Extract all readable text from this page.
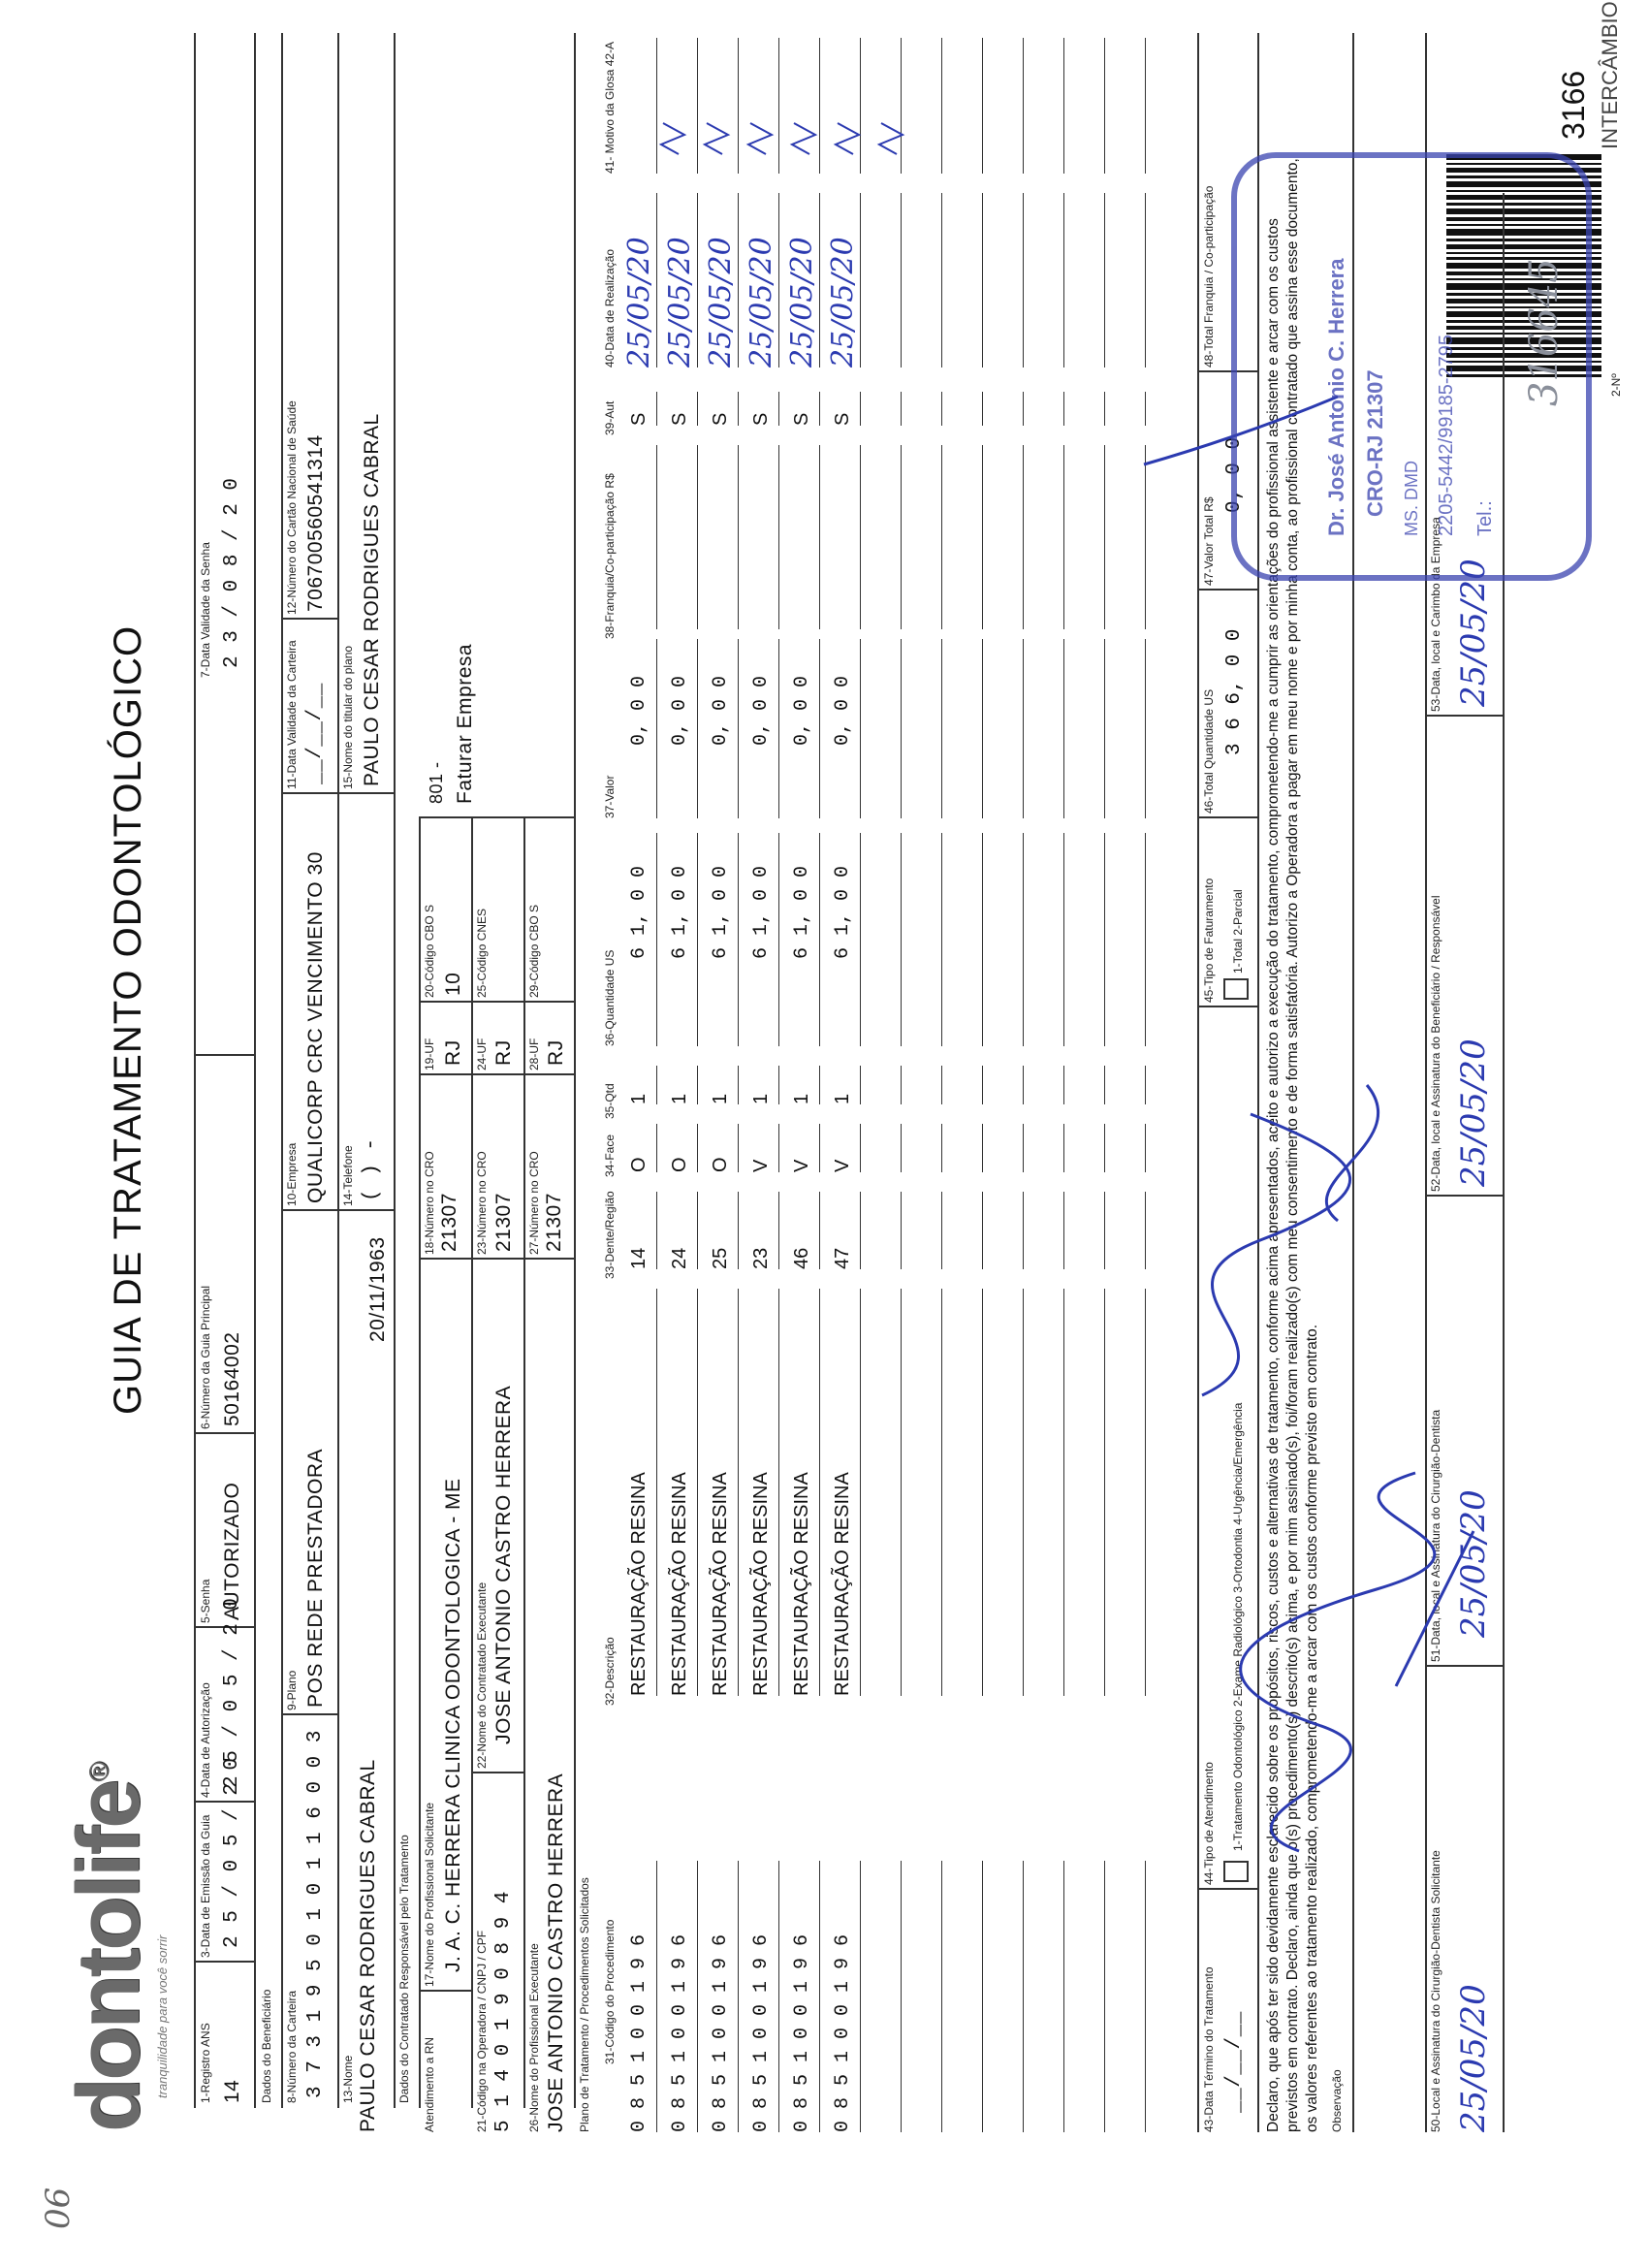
dontolife®
tranquilidade para você sorrir
06
GUIA DE TRATAMENTO ODONTOLÓGICO
3166 INTERCÂMBIO
2-Nº
316645
1-Registro ANS 14
3-Data de Emissão da Guia 2 5 / 0 5 / 2 0
4-Data de Autorização 2 5 / 0 5 / 2 0
5-Senha AUTORIZADO
6-Número da Guia Principal 50164002
7-Data Validade da Senha 2 3 / 0 8 / 2 0
Dados do Beneficiário 8-Número da Carteira 3 7 3 1 9 5 0 1 0 1 1 6 0 0 3
9-Plano POS REDE PRESTADORA
10-Empresa QUALICORP CRC VENCIMENTO 30
11-Data Validade da Carteira __/__/__
12-Número do Cartão Nacional de Saúde 706700560541314
13-Nome PAULO CESAR RODRIGUES CABRAL
20/11/1963
14-Telefone ( ) -
15-Nome do titular do plano PAULO CESAR RODRIGUES CABRAL
Dados do Contratado Responsável pelo Tratamento Atendimento a RN
17-Nome do Profissional Solicitante J. A. C. HERRERA CLINICA ODONTOLOGICA - ME
18-Número no CRO 21307
19-UF RJ
20-Código CBO S 10
801 - Faturar Empresa
21-Código na Operadora / CNPJ / CPF 5 1 4 0 1 9 0 8 9 4
22-Nome do Contratado Executante JOSE ANTONIO CASTRO HERRERA
23-Número no CRO 21307
24-UF RJ
25-Código CNES
26-Nome do Profissional Executante JOSE ANTONIO CASTRO HERRERA
27-Número no CRO 21307
28-UF RJ
29-Código CBO S
Plano de Tratamento / Procedimentos Solicitados 31-Código do Procedimento
32-Descrição
33-Dente/Região
34-Face
35-Qtd
36-Quantidade US
37-Valor
38-Franquia/Co-participação R$
39-Aut
40-Data de Realização
41- Motivo da Glosa 42-A
0 8 5 1 0 0 1 9 6
RESTAURAÇÃO RESINA
14
O
1
6 1, 0 0
0, 0 0
S
25/05/20
0 8 5 1 0 0 1 9 6
RESTAURAÇÃO RESINA
24
O
1
6 1, 0 0
0, 0 0
S
25/05/20
0 8 5 1 0 0 1 9 6
RESTAURAÇÃO RESINA
25
O
1
6 1, 0 0
0, 0 0
S
25/05/20
0 8 5 1 0 0 1 9 6
RESTAURAÇÃO RESINA
23
V
1
6 1, 0 0
0, 0 0
S
25/05/20
0 8 5 1 0 0 1 9 6
RESTAURAÇÃO RESINA
46
V
1
6 1, 0 0
0, 0 0
S
25/05/20
0 8 5 1 0 0 1 9 6
RESTAURAÇÃO RESINA
47
V
1
6 1, 0 0
0, 0 0
S
25/05/20
43-Data Término do Tratamento __/__/__
44-Tipo de Atendimento 1-Tratamento Odontológico 2-Exame Radiológico 3-Ortodontia 4-Urgência/Emergência
45-Tipo de Faturamento 1-Total 2-Parcial
46-Total Quantidade US 3 6 6, 0 0
47-Valor Total R$
0, 0 0
48-Total Franquia / Co-participação	Declaro, que após ter sido devidamente esclarecido sobre os propósitos, riscos, custos e alternativas de tratamento, conforme acima apresentados, aceito e autorizo a execução do tratamento, comprometendo-me a cumprir as orientações do profissional assistente e arcar com os custos previstos em contrato. Declaro, ainda que o(s) procedimento(s) descrito(s) acima, e por mim assinado(s), foi/foram realizado(s) com meu consentimento e de forma satisfatória. Autorizo a Operadora a pagar em meu nome e por minha conta, ao profissional contratado que assina esse documento, os valores referentes ao tratamento realizado, comprometendo-me a arcar com os custos conforme previsto em contrato. Observação	50-Local e Assinatura do Cirurgião-Dentista Solicitante 25/05/20
51-Data, local e Assinatura do Cirurgião-Dentista 25/05/20
52-Data, local e Assinatura do Beneficiário / Responsável 25/05/20
53-Data, local e Carimbo da Empresa 25/05/20
Dr. José Antonio C. Herrera CRO-RJ 21307 MS. DMD 2205-5442/99185-2795 Tel.:
